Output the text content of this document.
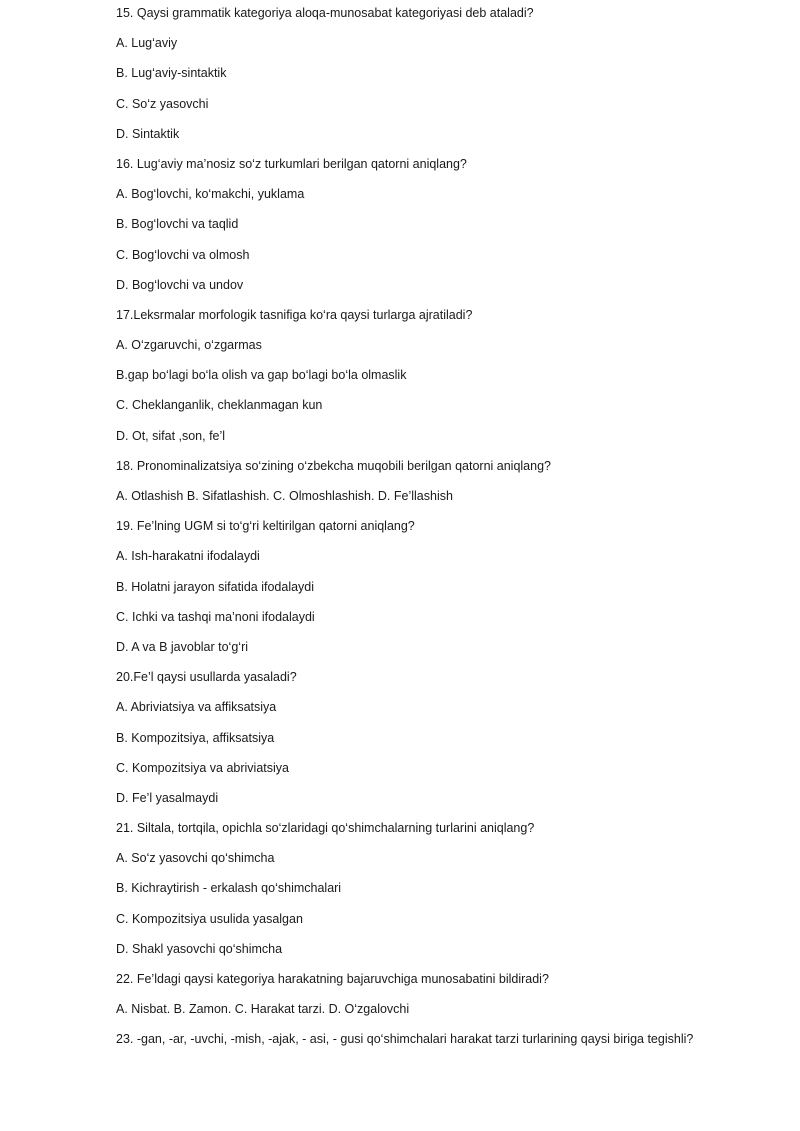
15. Qaysi grammatik kategoriya aloqa-munosabat kategoriyasi deb ataladi?
A. Lug‘aviy
B. Lug‘aviy-sintaktik
C. So‘z yasovchi
D. Sintaktik
16. Lug‘aviy ma’nosiz so‘z turkumlari berilgan qatorni aniqlang?
A. Bog‘lovchi, ko‘makchi, yuklama
B. Bog‘lovchi va taqlid
C. Bog‘lovchi va olmosh
D. Bog‘lovchi va undov
17.Leksrmalar morfologik tasnifiga ko‘ra qaysi turlarga ajratiladi?
A. O‘zgaruvchi, o‘zgarmas
B.gap bo‘lagi bo‘la olish va gap bo‘lagi bo‘la olmaslik
C. Cheklanganlik, cheklanmagan kun
D. Ot, sifat ,son, fe’l
18. Pronominalizatsiya so‘zining o‘zbekcha muqobili berilgan qatorni aniqlang?
A. Otlashish B. Sifatlashish. C. Olmoshlashish. D. Fe’llashish
19. Fe’lning UGM si to‘g‘ri keltirilgan qatorni aniqlang?
A. Ish-harakatni ifodalaydi
B. Holatni jarayon sifatida ifodalaydi
C. Ichki va tashqi ma’noni ifodalaydi
D. A va B javoblar to‘g‘ri
20.Fe’l qaysi usullarda yasaladi?
A. Abriviatsiya va affiksatsiya
B. Kompozitsiya, affiksatsiya
C. Kompozitsiya va abriviatsiya
D. Fe’l yasalmaydi
21. Siltala, tortqila, opichla so‘zlaridagi qo‘shimchalarning turlarini aniqlang?
A. So‘z yasovchi qo‘shimcha
B. Kichraytirish - erkalash qo‘shimchalari
C. Kompozitsiya usulida yasalgan
D. Shakl yasovchi qo‘shimcha
22. Fe’ldagi qaysi kategoriya harakatning bajaruvchiga munosabatini bildiradi?
A. Nisbat. B. Zamon. C. Harakat tarzi. D. O‘zgalovchi
23. -gan, -ar, -uvchi, -mish, -ajak, - asi, - gusi qo‘shimchalari harakat tarzi turlarining qaysi biriga tegishli?
